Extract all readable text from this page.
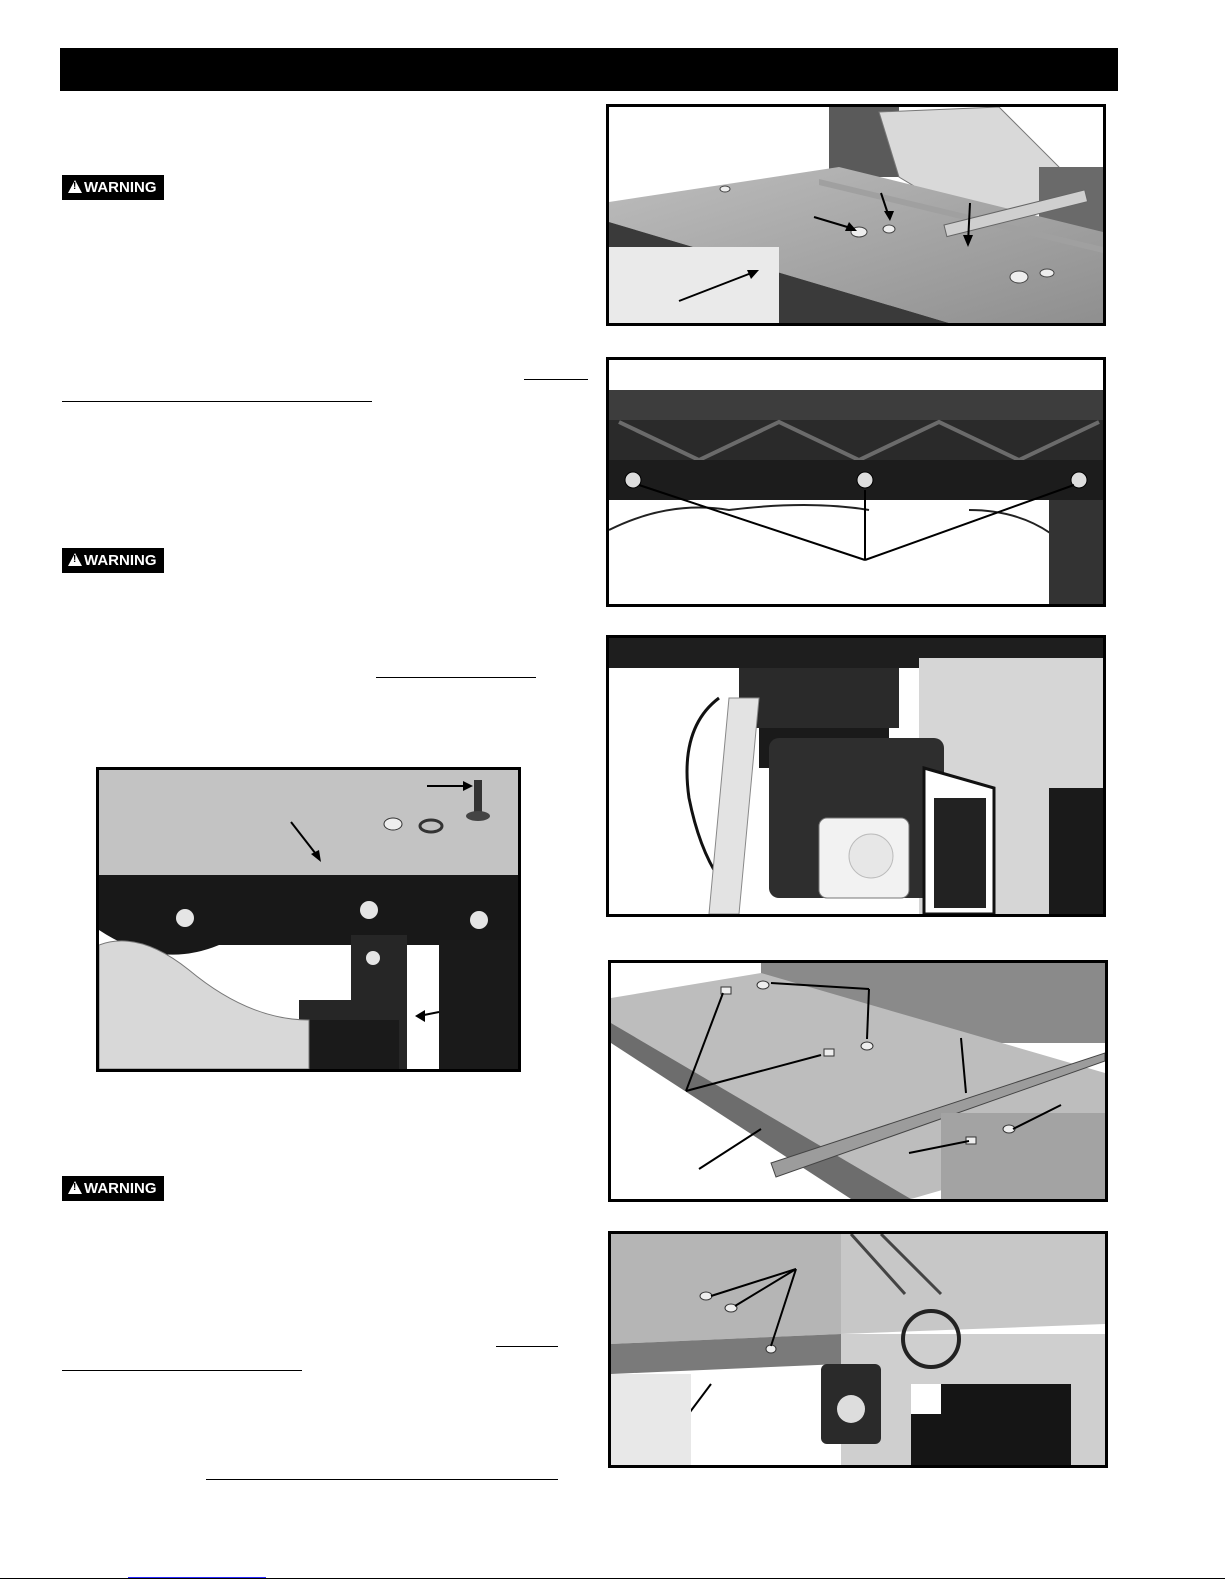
!WARNING
!WARNING
!WARNING
